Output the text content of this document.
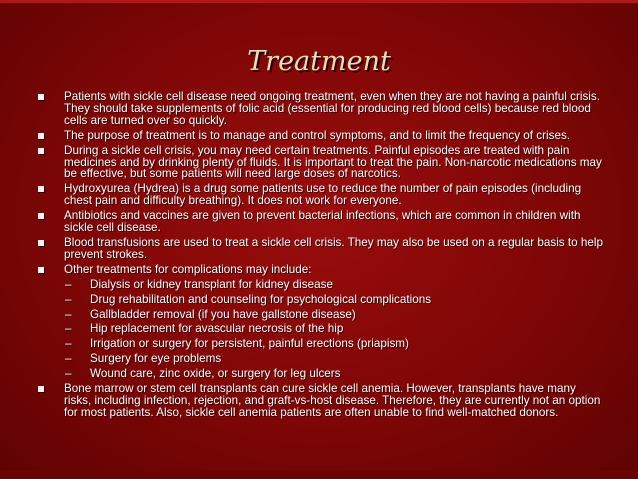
Treatment
Patients with sickle cell disease need ongoing treatment, even when they are not having a painful crisis. They should take supplements of folic acid (essential for producing red blood cells) because red blood cells are turned over so quickly.
The purpose of treatment is to manage and control symptoms, and to limit the frequency of crises.
During a sickle cell crisis, you may need certain treatments. Painful episodes are treated with pain medicines and by drinking plenty of fluids. It is important to treat the pain. Non-narcotic medications may be effective, but some patients will need large doses of narcotics.
Hydroxyurea (Hydrea) is a drug some patients use to reduce the number of pain episodes (including chest pain and difficulty breathing). It does not work for everyone.
Antibiotics and vaccines are given to prevent bacterial infections, which are common in children with sickle cell disease.
Blood transfusions are used to treat a sickle cell crisis. They may also be used on a regular basis to help prevent strokes.
Other treatments for complications may include:
– Dialysis or kidney transplant for kidney disease
– Drug rehabilitation and counseling for psychological complications
– Gallbladder removal (if you have gallstone disease)
– Hip replacement for avascular necrosis of the hip
– Irrigation or surgery for persistent, painful erections (priapism)
– Surgery for eye problems
– Wound care, zinc oxide, or surgery for leg ulcers
Bone marrow or stem cell transplants can cure sickle cell anemia. However, transplants have many risks, including infection, rejection, and graft-vs-host disease. Therefore, they are currently not an option for most patients. Also, sickle cell anemia patients are often unable to find well-matched donors.
